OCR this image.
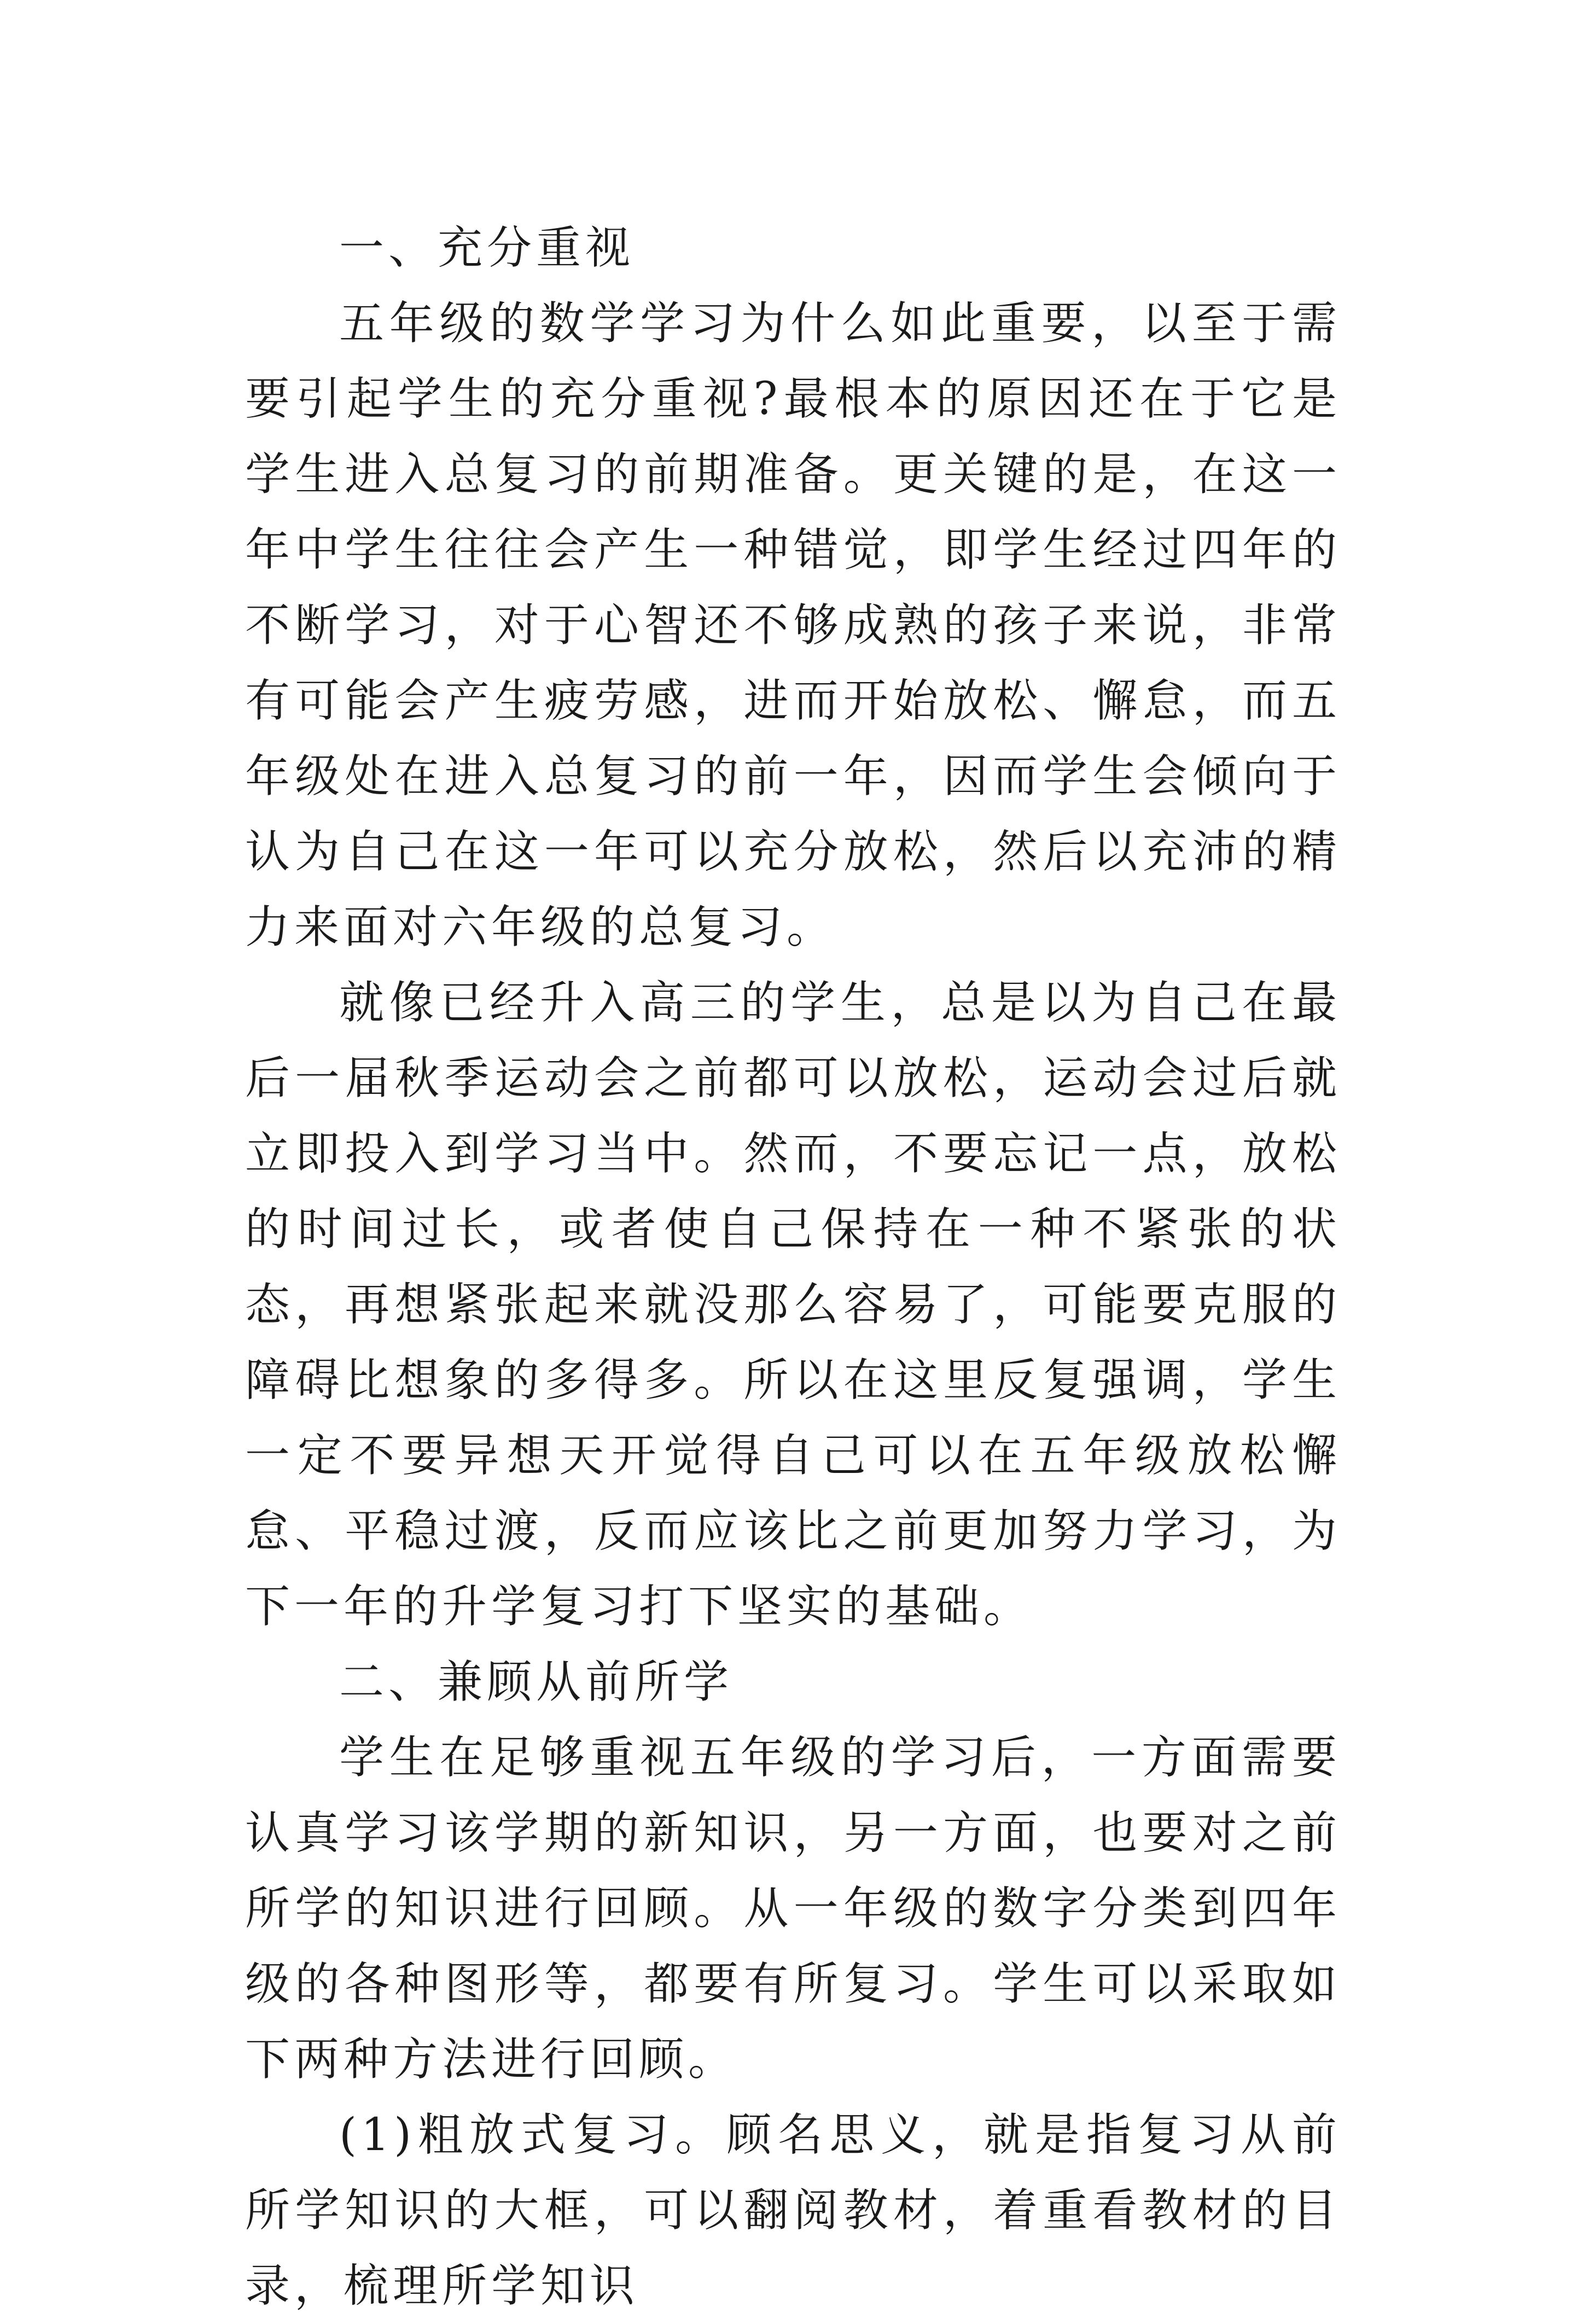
一、充分重视

五年级的数学学习为什么如此重要，以至于需要引起学生的充分重视?最根本的原因还在于它是学生进入总复习的前期准备。更关键的是，在这一年中学生往往会产生一种错觉，即学生经过四年的不断学习，对于心智还不够成熟的孩子来说，非常有可能会产生疲劳感，进而开始放松、懈怠，而五年级处在进入总复习的前一年，因而学生会倾向于认为自己在这一年可以充分放松，然后以充沛的精力来面对六年级的总复习。

就像已经升入高三的学生，总是以为自己在最后一届秋季运动会之前都可以放松，运动会过后就立即投入到学习当中。然而，不要忘记一点，放松的时间过长，或者使自己保持在一种不紧张的状态，再想紧张起来就没那么容易了，可能要克服的障碍比想象的多得多。所以在这里反复强调，学生一定不要异想天开觉得自己可以在五年级放松懈怠、平稳过渡，反而应该比之前更加努力学习，为下一年的升学复习打下坚实的基础。

二、兼顾从前所学

学生在足够重视五年级的学习后，一方面需要认真学习该学期的新知识，另一方面，也要对之前所学的知识进行回顾。从一年级的数字分类到四年级的各种图形等，都要有所复习。学生可以采取如下两种方法进行回顾。

(1)粗放式复习。顾名思义，就是指复习从前所学知识的大框，可以翻阅教材，着重看教材的目录，梳理所学知识
